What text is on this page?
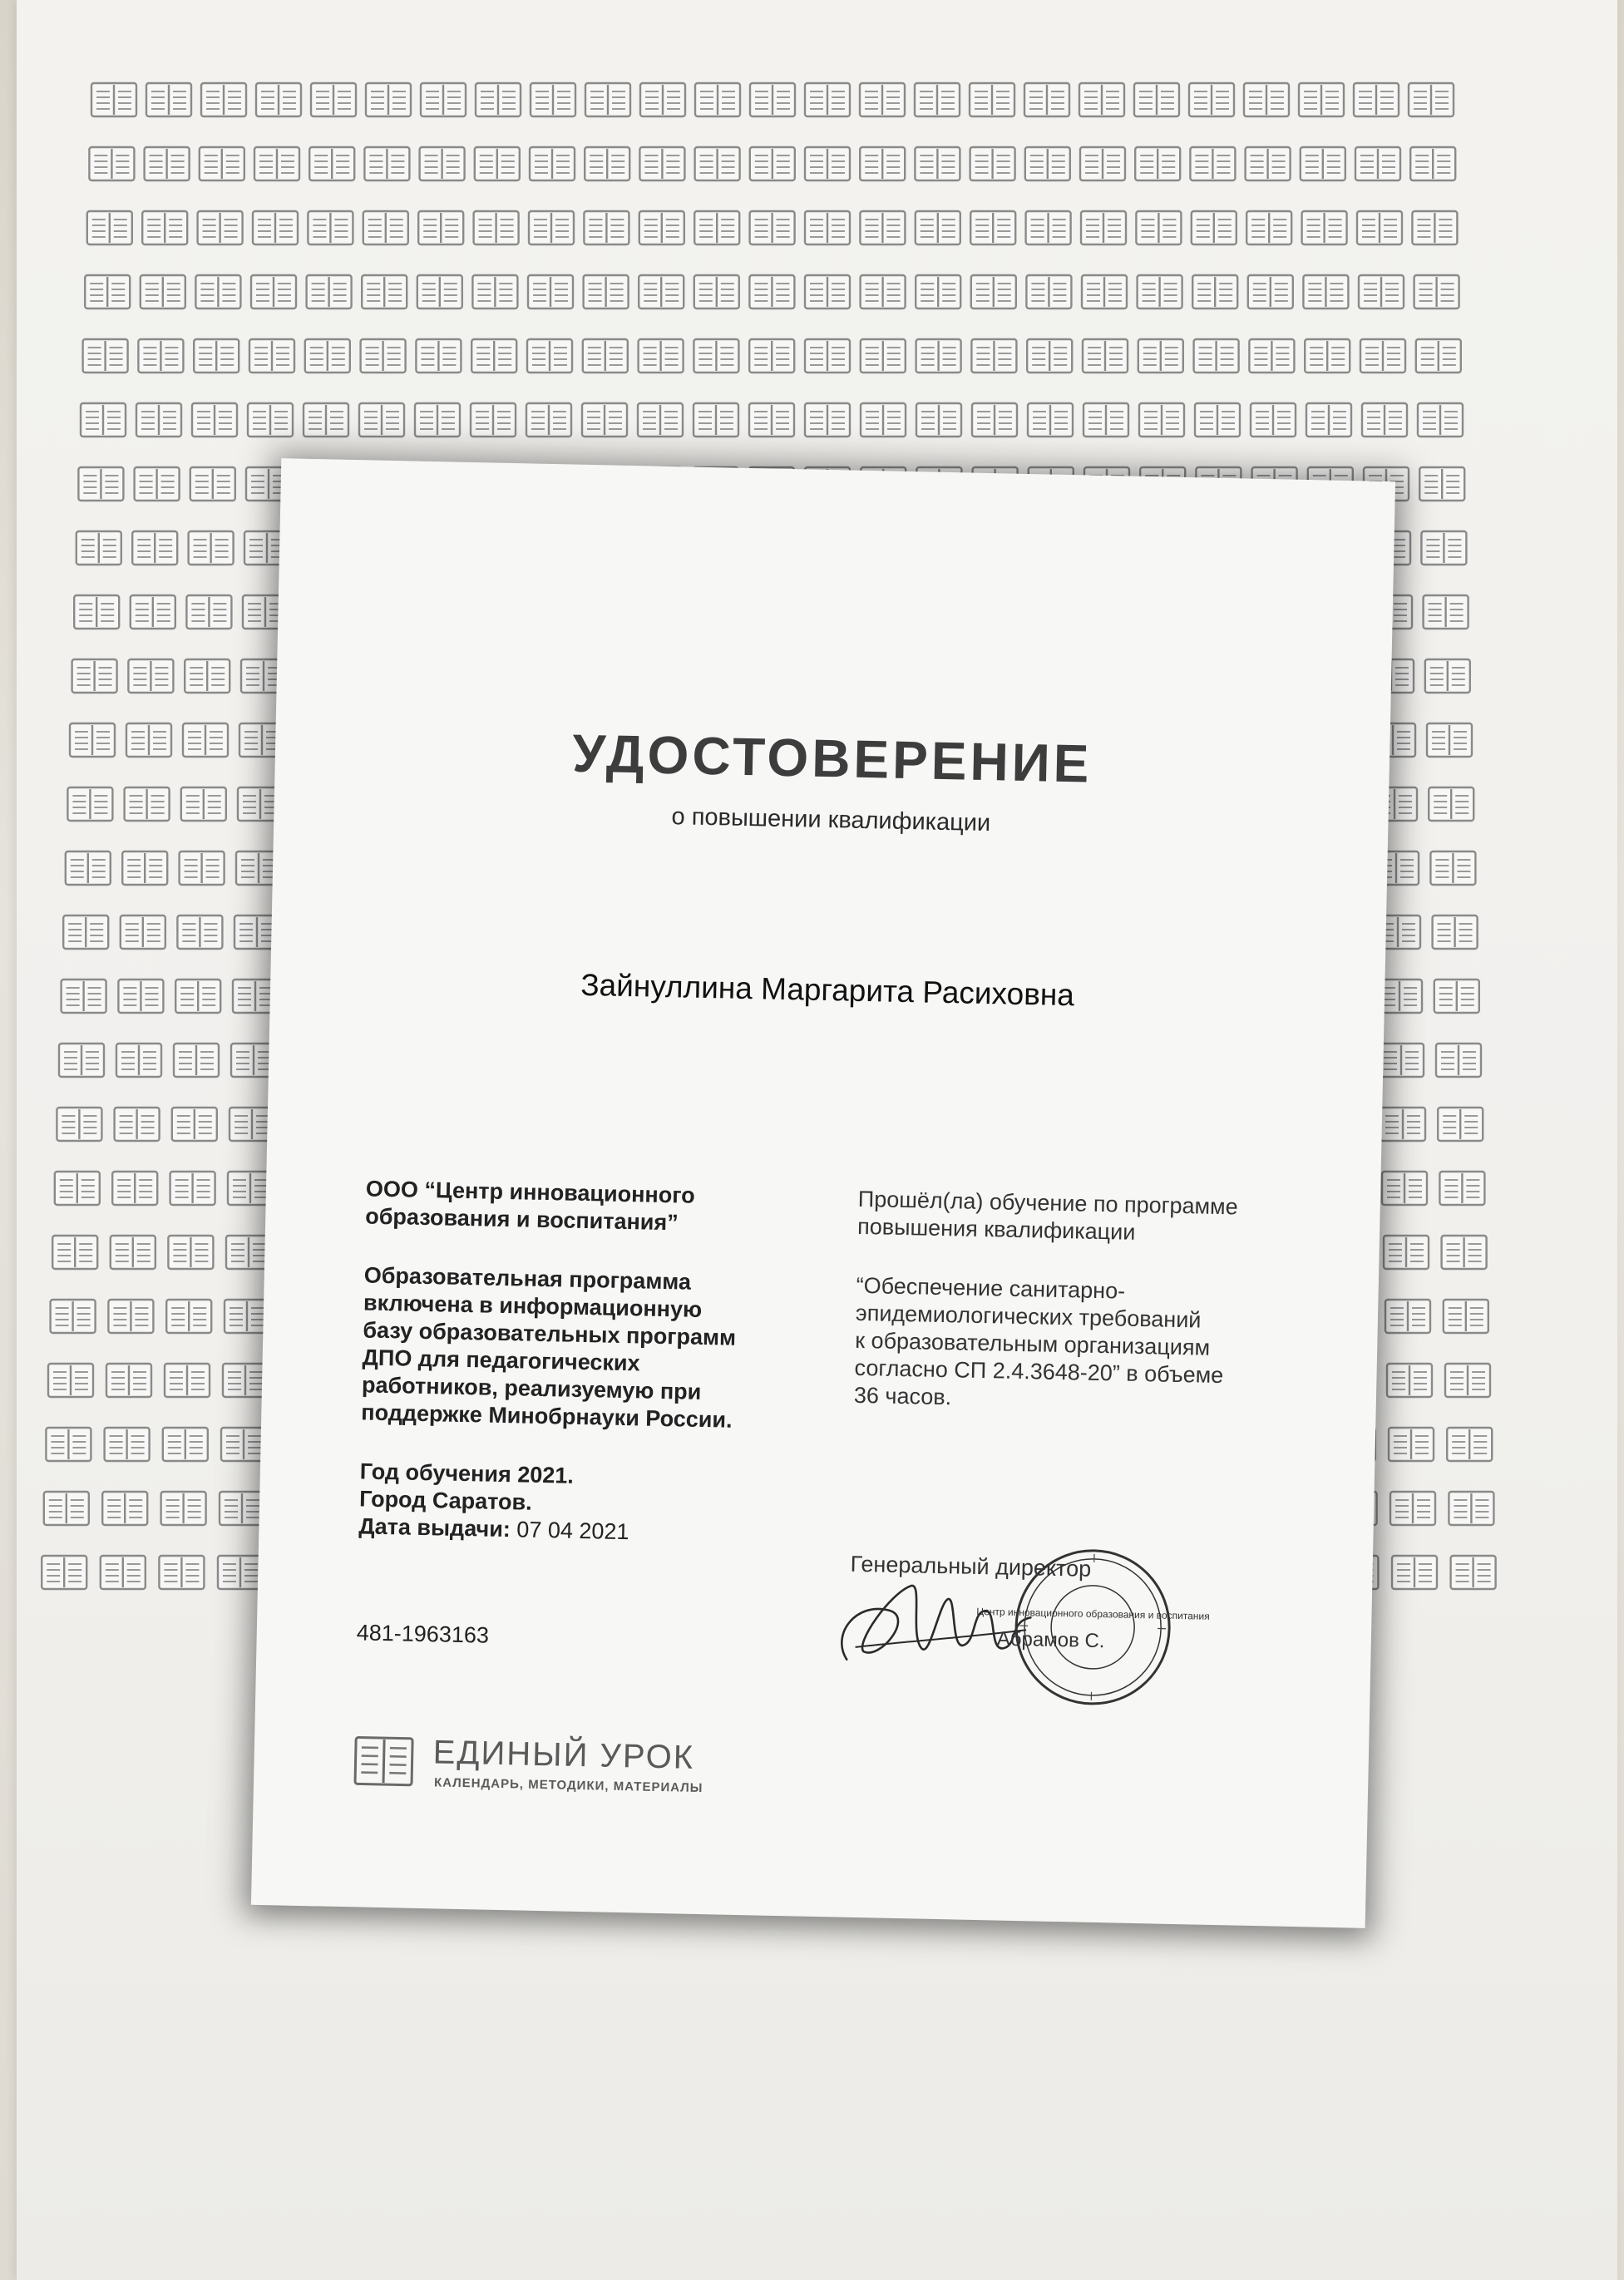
УДОСТОВЕРЕНИЕ
о повышении квалификации
Зайнуллина Маргарита Расиховна
ООО “Центр инновационного
образования и воспитания”
Образовательная программа
включена в информационную
базу образовательных программ
ДПО для педагогических
работников, реализуемую при
поддержке Минобрнауки России.
Год обучения 2021.
Город Саратов.
Дата выдачи: 07 04 2021
481-1963163
Прошёл(ла) обучение по программе
повышения квалификации
“Обеспечение санитарно-
эпидемиологических требований
к образовательным организациям
согласно СП 2.4.3648-20” в объеме
36 часов.
Генеральный директор
Центр инновационного образования и воспитания
Абрамов С.
ЕДИНЫЙ УРОК
КАЛЕНДАРЬ, МЕТОДИКИ, МАТЕРИАЛЫ
